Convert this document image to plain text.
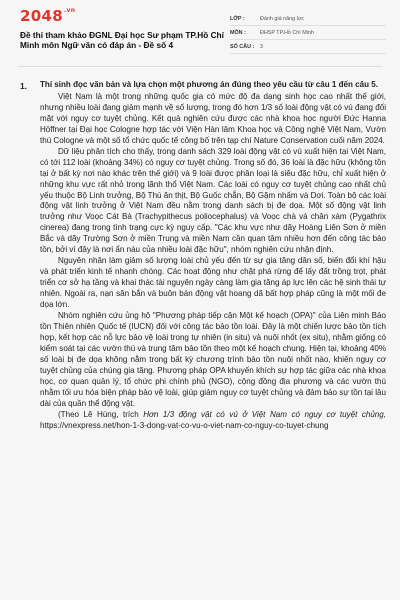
$2048^{.vn}$
Đề thi tham khảo ĐGNL Đại học Sư phạm TP.Hồ Chí Minh môn Ngữ văn có đáp án - Đề số 4
LỚP :	Đánh giá năng lực
MÔN :	ĐHSP TP.Hồ Chí Minh
SỐ CÂU :	3
1. Thí sinh đọc văn bản và lựa chọn một phương án đúng theo yêu cầu từ câu 1 đến câu 5.

Việt Nam là một trong những quốc gia có mức độ đa dạng sinh học cao nhất thế giới, nhưng nhiều loài đang giảm mạnh về số lượng, trong đó hơn 1/3 số loài động vật có vú đang đối mặt với nguy cơ tuyệt chủng. Kết quả nghiên cứu được các nhà khoa học người Đức Hanna Höffner tại Đại học Cologne hợp tác với Viện Hàn lâm Khoa học và Công nghệ Việt Nam, Vườn thú Cologne và một số tổ chức quốc tế công bố trên tạp chí Nature Conservation cuối năm 2024.

Dữ liệu phân tích cho thấy, trong danh sách 329 loài động vật có vú xuất hiện tại Việt Nam, có tới 112 loài (khoảng 34%) có nguy cơ tuyệt chủng. Trong số đó, 36 loài là đặc hữu (không tồn tại ở bất kỳ nơi nào khác trên thế giới) và 9 loài được phân loại là siêu đặc hữu, chỉ xuất hiện ở những khu vực rất nhỏ trong lãnh thổ Việt Nam. Các loài có nguy cơ tuyệt chủng cao nhất chủ yếu thuộc Bộ Linh trưởng, Bộ Thú ăn thịt, Bộ Guốc chẵn, Bộ Gặm nhấm và Dơi. Toàn bộ các loài động vật linh trưởng ở Việt Nam đều nằm trong danh sách bị đe dọa. Một số động vật linh trưởng như Voọc Cát Bà (Trachypithecus poliocephalus) và Voọc chà vá chân xám (Pygathrix cinerea) đang trong tình trạng cực kỳ nguy cấp. "Các khu vực như dãy Hoàng Liên Sơn ở miền Bắc và dãy Trường Sơn ở miền Trung và miền Nam cần quan tâm nhiều hơn đến công tác bảo tồn, bởi vì đây là nơi ẩn náu của nhiều loài đặc hữu", nhóm nghiên cứu nhận định.

Nguyên nhân làm giảm số lượng loài chủ yếu đến từ sự gia tăng dân số, biến đổi khí hậu và phát triển kinh tế nhanh chóng. Các hoạt động như chặt phá rừng để lấy đất trồng trọt, phát triển cơ sở hạ tầng và khai thác tài nguyên ngày càng làm gia tăng áp lực lên các hệ sinh thái tự nhiên. Ngoài ra, nạn săn bắn và buôn bán động vật hoang dã bất hợp pháp cũng là một mối đe dọa lớn.

Nhóm nghiên cứu ủng hộ "Phương pháp tiếp cận Một kế hoạch (OPA)" của Liên minh Bảo tồn Thiên nhiên Quốc tế (IUCN) đối với công tác bảo tồn loài. Đây là một chiến lược bảo tồn tích hợp, kết hợp các nỗ lực bảo vệ loài trong tự nhiên (in situ) và nuôi nhốt (ex situ), nhằm giống có kiểm soát tại các vườn thú và trung tâm bảo tồn theo một kế hoạch chung. Hiện tại, khoảng 40% số loài bị đe dọa không nằm trong bất kỳ chương trình bảo tồn nuôi nhốt nào, khiến nguy cơ tuyệt chủng của chúng gia tăng. Phương pháp OPA khuyến khích sự hợp tác giữa các nhà khoa học, cơ quan quản lý, tổ chức phi chính phủ (NGO), cộng đồng địa phương và các vườn thú nhằm tối ưu hóa biện pháp bảo vệ loài, giúp giảm nguy cơ tuyệt chủng và đảm bảo sự tồn tại lâu dài của quần thể động vật.

(Theo Lê Hùng, trích Hơn 1/3 động vật có vú ở Việt Nam có nguy cơ tuyệt chủng, https://vnexpress.net/hon-1-3-dong-vat-co-vu-o-viet-nam-co-nguy-co-tuyet-chung
